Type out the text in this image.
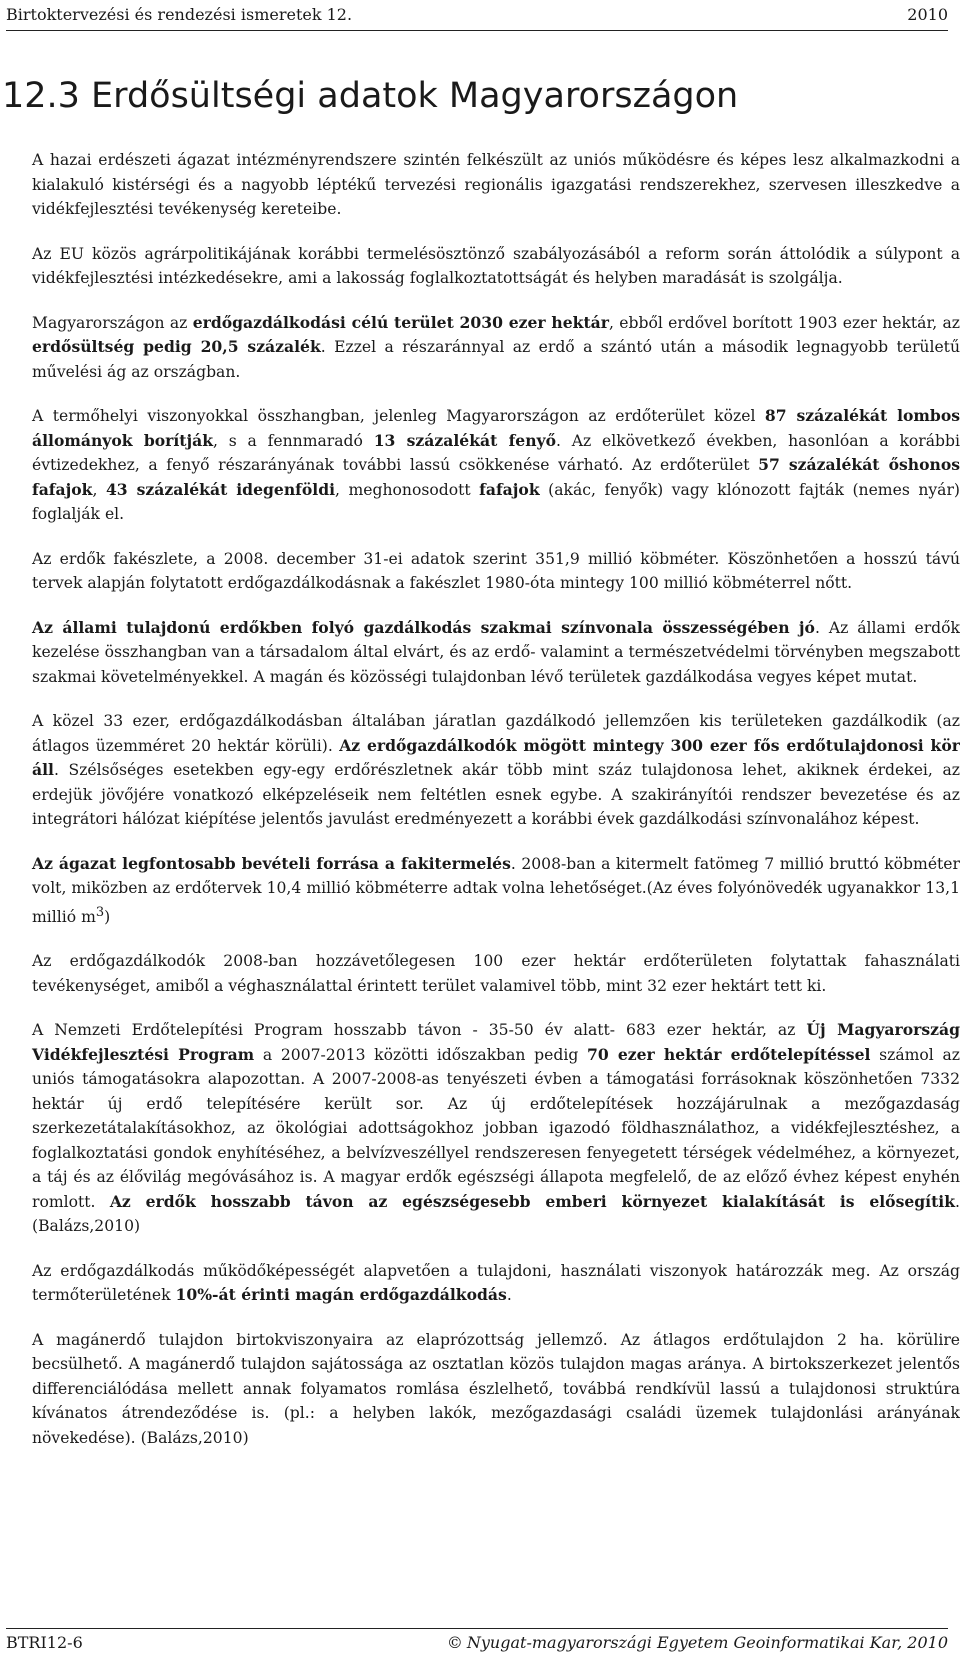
Birtoktervezési és rendezési ismeretek 12.	2010
12.3 Erdősültségi adatok Magyarországon

A hazai erdészeti ágazat intézményrendszere szintén felkészült az uniós működésre és képes lesz alkalmazkodni a kialakuló kistérségi és a nagyobb léptékű tervezési regionális igazgatási rendszerekhez, szervesen illeszkedve a vidékfejlesztési tevékenység kereteibe.

Az EU közös agrárpolitikájának korábbi termelésösztönző szabályozásából a reform során áttolódik a súlypont a vidékfejlesztési intézkedésekre, ami a lakosság foglalkoztatottságát és helyben maradását is szolgálja.

Magyarországon az erdőgazdálkodási célú terület 2030 ezer hektár, ebből erdővel borított 1903 ezer hektár, az erdősültség pedig 20,5 százalék. Ezzel a részaránnyal az erdő a szántó után a második legnagyobb területű művelési ág az országban.

A termőhelyi viszonyokkal összhangban, jelenleg Magyarországon az erdőterület közel 87 százalékát lombos állományok borítják, s a fennmaradó 13 százalékát fenyő. Az elkövetkező években, hasonlóan a korábbi évtizedekhez, a fenyő részarányának további lassú csökkenése várható. Az erdőterület 57 százalékát őshonos fafajok, 43 százalékát idegenföldi, meghonosodott fafajok (akác, fenyők) vagy klónozott fajták (nemes nyár) foglalják el.

Az erdők fakészlete, a 2008. december 31-ei adatok szerint 351,9 millió köbméter. Köszönhetően a hosszú távú tervek alapján folytatott erdőgazdálkodásnak a fakészlet 1980-óta mintegy 100 millió köbméterrel nőtt.

Az állami tulajdonú erdőkben folyó gazdálkodás szakmai színvonala összességében jó. Az állami erdők kezelése összhangban van a társadalom által elvárt, és az erdő- valamint a természetvédelmi törvényben megszabott szakmai követelményekkel. A magán és közösségi tulajdonban lévő területek gazdálkodása vegyes képet mutat.

A közel 33 ezer, erdőgazdálkodásban általában járatlan gazdálkodó jellemzően kis területeken gazdálkodik (az átlagos üzemméret 20 hektár körüli). Az erdőgazdálkodók mögött mintegy 300 ezer fős erdőtulajdonosi kör áll. Szélsőséges esetekben egy-egy erdőrészletnek akár több mint száz tulajdonosa lehet, akiknek érdekei, az erdejük jövőjére vonatkozó elképzeléseik nem feltétlen esnek egybe. A szakirányítói rendszer bevezetése és az integrátori hálózat kiépítése jelentős javulást eredményezett a korábbi évek gazdálkodási színvonalához képest.

Az ágazat legfontosabb bevételi forrása a fakitermelés. 2008-ban a kitermelt fatömeg 7 millió bruttó köbméter volt, miközben az erdőtervek 10,4 millió köbméterre adtak volna lehetőséget.(Az éves folyónövedék ugyanakkor 13,1 millió $m^3$)

Az erdőgazdálkodók 2008-ban hozzávetőlegesen 100 ezer hektár erdőterületen folytattak fahasználati tevékenységet, amiből a véghasználattal érintett terület valamivel több, mint 32 ezer hektárt tett ki.

A Nemzeti Erdőtelepítési Program hosszabb távon - 35-50 év alatt- 683 ezer hektár, az Új Magyarország Vidékfejlesztési Program a 2007-2013 közötti időszakban pedig 70 ezer hektár erdőtelepítéssel számol az uniós támogatásokra alapozottan. A 2007-2008-as tenyészeti évben a támogatási forrásoknak köszönhetően 7332 hektár új erdő telepítésére került sor. Az új erdőtelepítések hozzájárulnak a mezőgazdaság szerkezetátalakításokhoz, az ökológiai adottságokhoz jobban igazodó földhasználathoz, a vidékfejlesztéshez, a foglalkoztatási gondok enyhítéséhez, a belvízveszéllyel rendszeresen fenyegetett térségek védelméhez, a környezet, a táj és az élővilág megóvásához is. A magyar erdők egészségi állapota megfelelő, de az előző évhez képest enyhén romlott. Az erdők hosszabb távon az egészségesebb emberi környezet kialakítását is elősegítik. (Balázs,2010)

Az erdőgazdálkodás működőképességét alapvetően a tulajdoni, használati viszonyok határozzák meg. Az ország termőterületének 10%-át érinti magán erdőgazdálkodás.

A magánerdő tulajdon birtokviszonyaira az elaprózottság jellemző. Az átlagos erdőtulajdon 2 ha. körülire becsülhető. A magánerdő tulajdon sajátossága az osztatlan közös tulajdon magas aránya. A birtokszerkezet jelentős differenciálódása mellett annak folyamatos romlása észlelhető, továbbá rendkívül lassú a tulajdonosi struktúra kívánatos átrendeződése is. (pl.: a helyben lakók, mezőgazdasági családi üzemek tulajdonlási arányának növekedése). (Balázs,2010)

BTRI12-6	© Nyugat-magyarországi Egyetem Geoinformatikai Kar, 2010
